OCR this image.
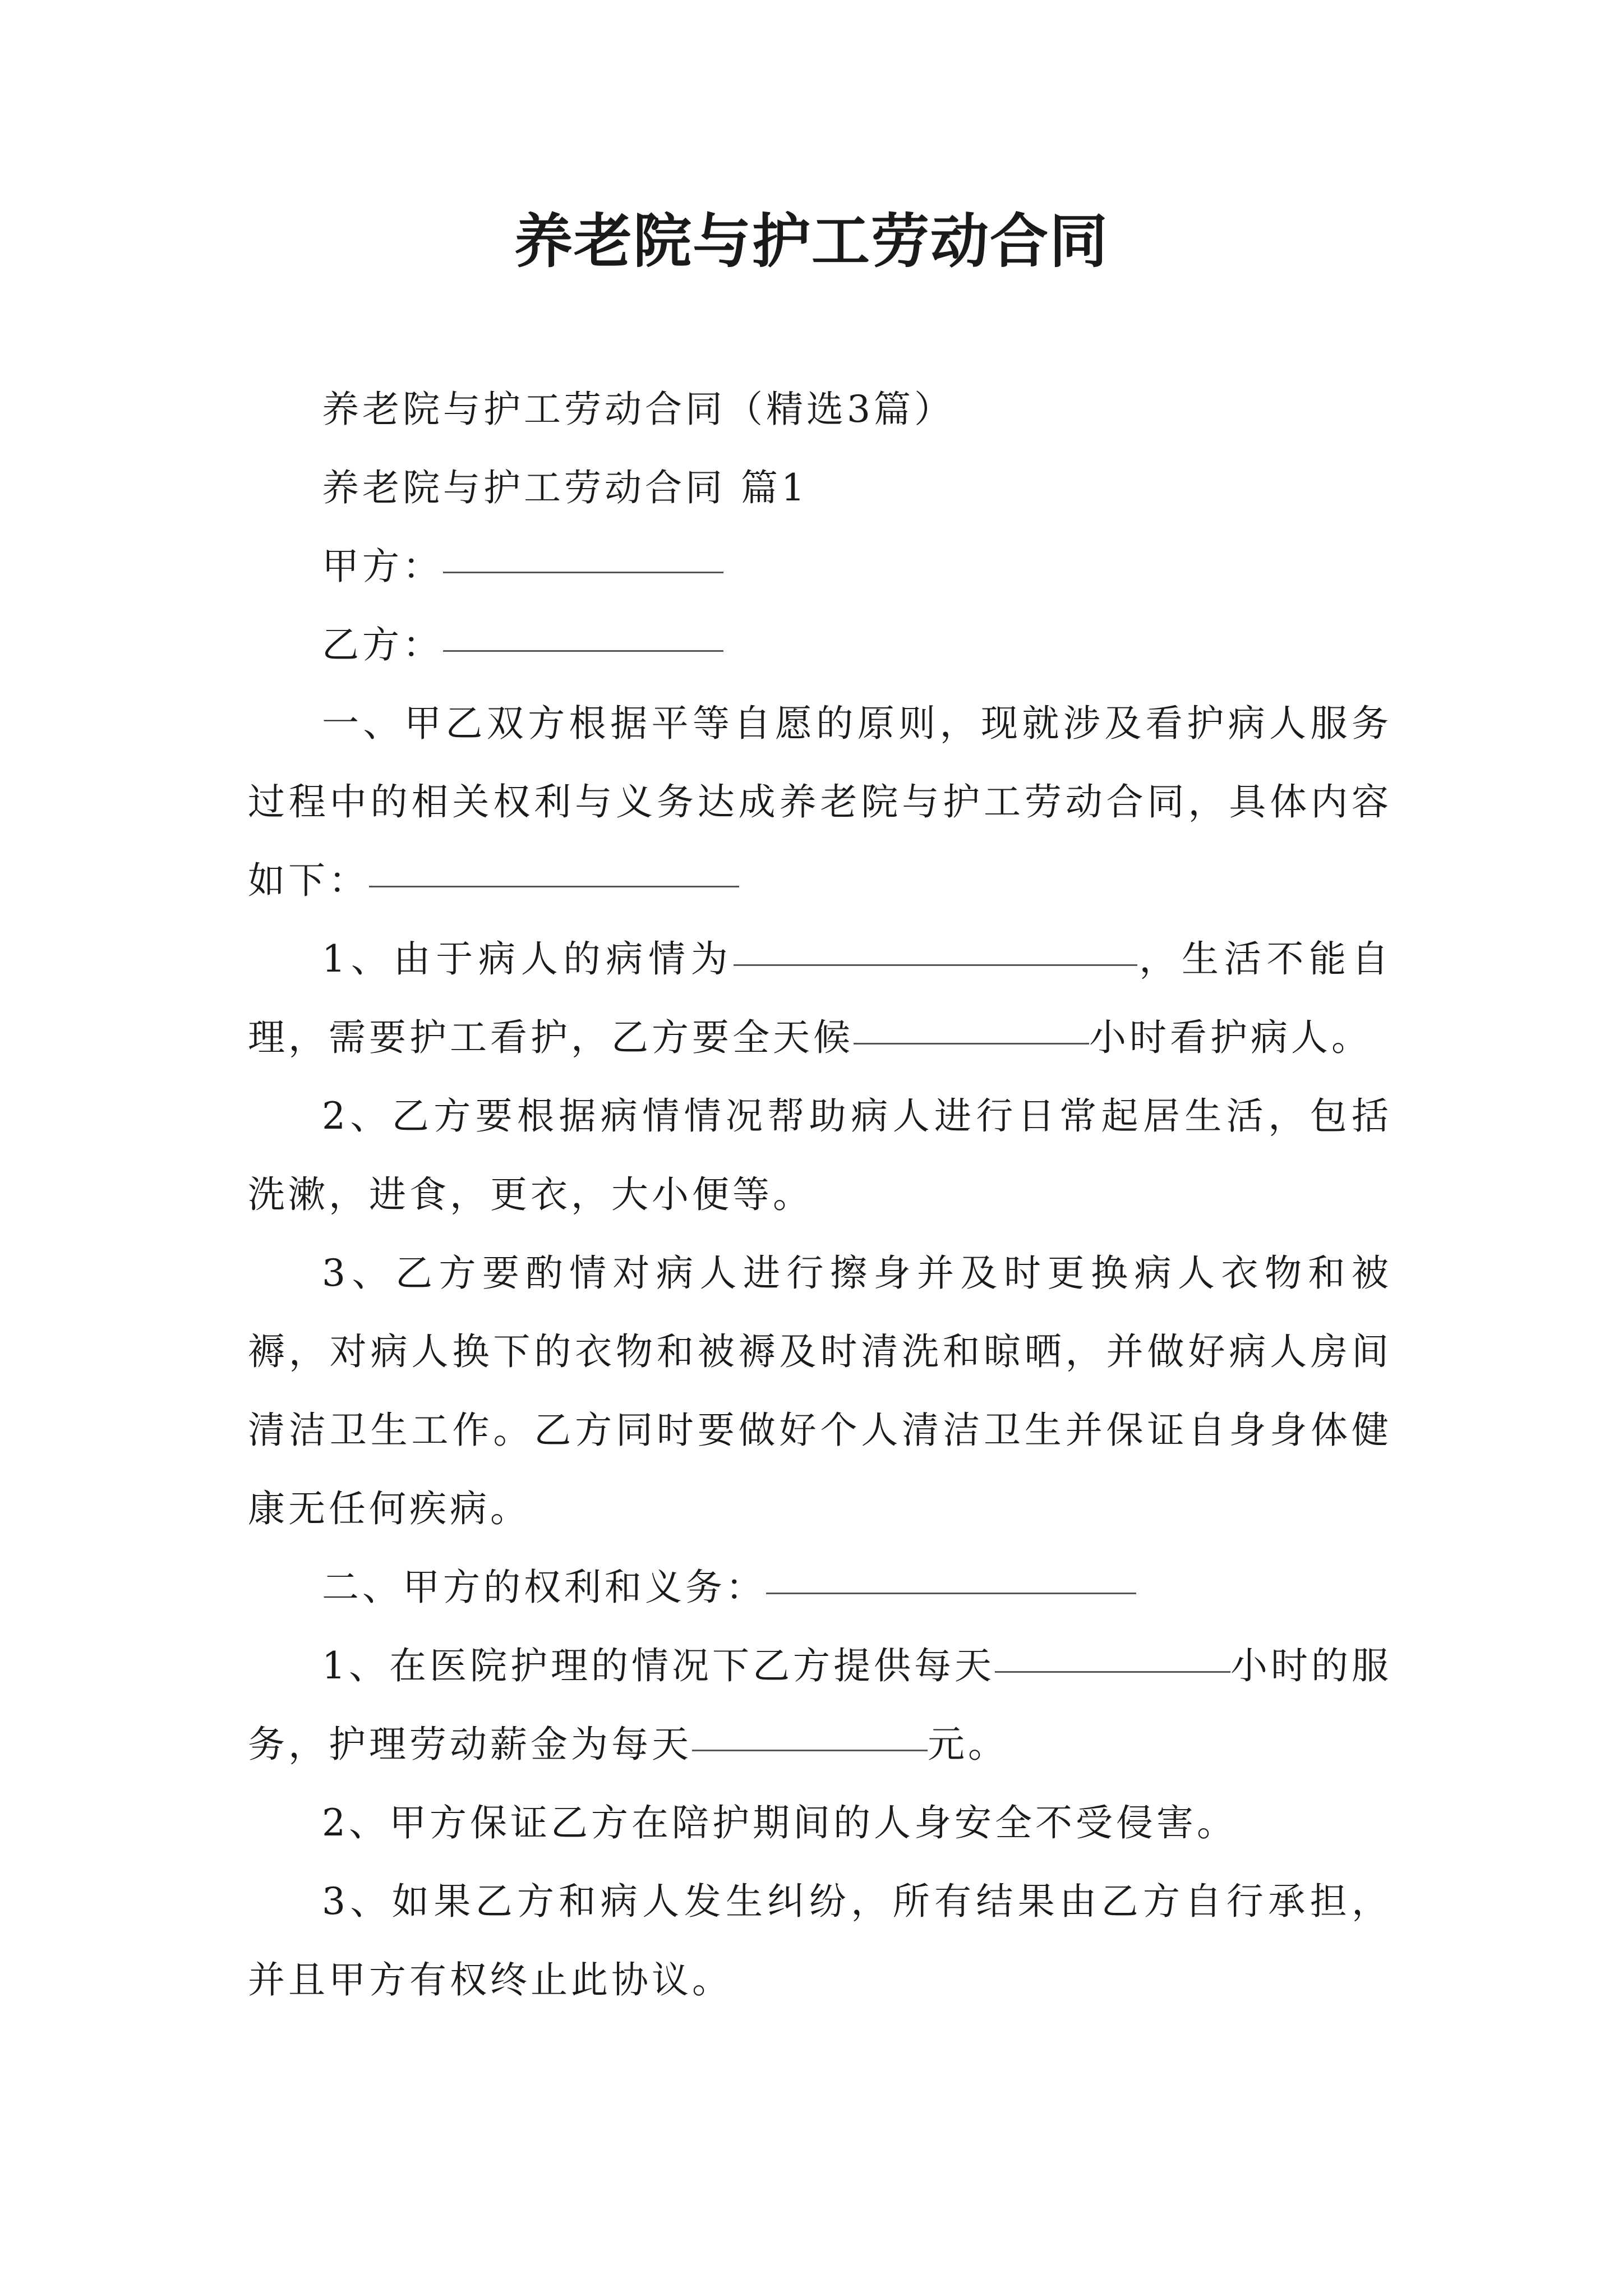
养老院与护工劳动合同

养老院与护工劳动合同（精选3篇）

养老院与护工劳动合同 篇1

甲方：

乙方：

一、甲乙双方根据平等自愿的原则，现就涉及看护病人服务过程中的相关权利与义务达成养老院与护工劳动合同，具体内容如下：

1、由于病人的病情为	，生活不能自理，需要护工看护，乙方要全天候	小时看护病人。

2、乙方要根据病情情况帮助病人进行日常起居生活，包括洗漱，进食，更衣，大小便等。

3、乙方要酌情对病人进行擦身并及时更换病人衣物和被褥，对病人换下的衣物和被褥及时清洗和晾晒，并做好病人房间清洁卫生工作。乙方同时要做好个人清洁卫生并保证自身身体健康无任何疾病。

二、甲方的权利和义务：

1、在医院护理的情况下乙方提供每天	小时的服务，护理劳动薪金为每天	元。

2、甲方保证乙方在陪护期间的人身安全不受侵害。

3、如果乙方和病人发生纠纷，所有结果由乙方自行承担，并且甲方有权终止此协议。
